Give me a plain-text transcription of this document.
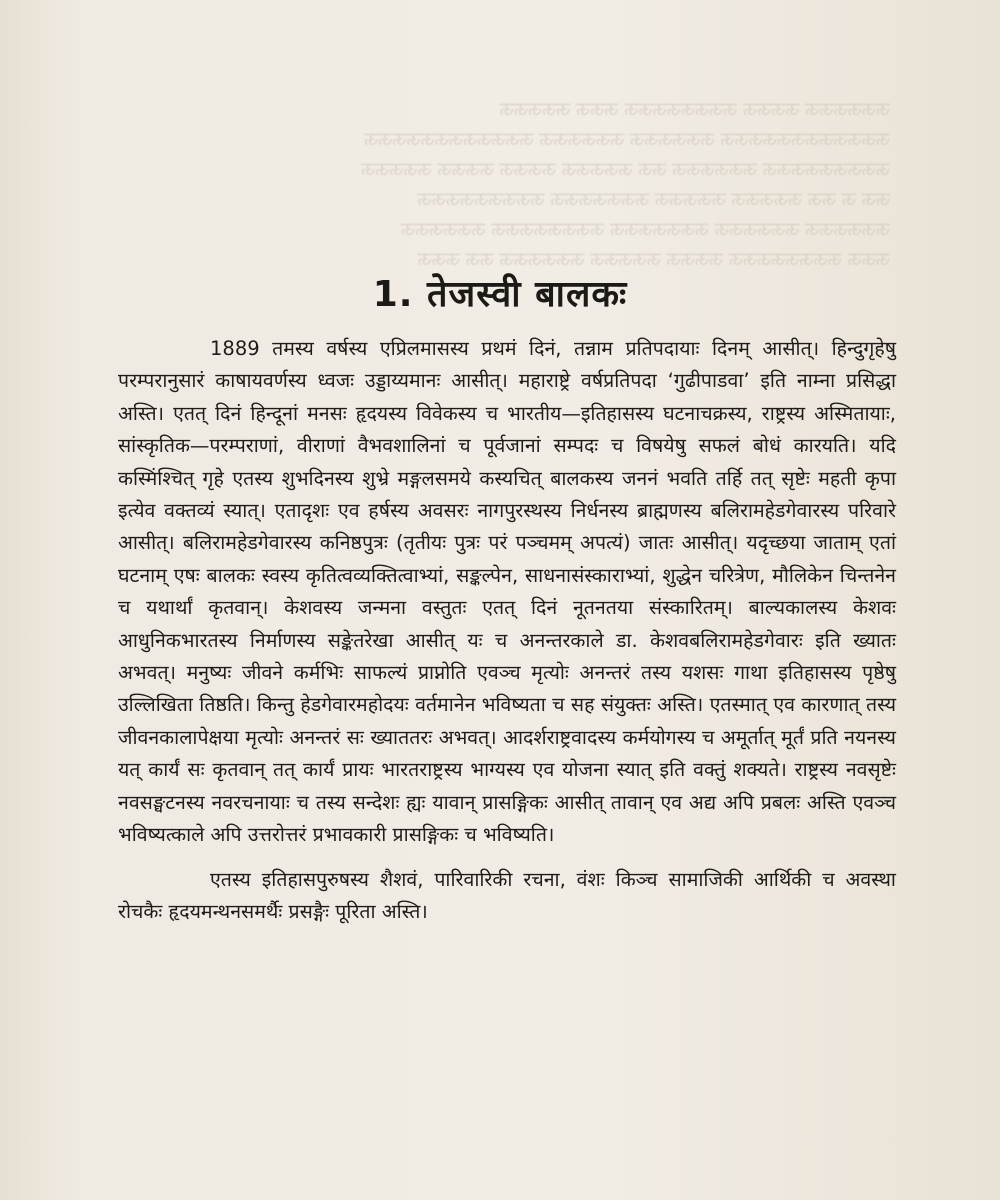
ऊऊऊऊऊऊ ऊऊऊऊ ऊऊऊऊऊऊऊऊ ऊऊऊ ऊऊऊऊऊ
ऊऊऊऊऊऊऊऊऊऊऊऊ ऊऊऊऊऊऊ ऊऊऊऊऊऊ ऊऊऊऊऊऊऊऊऊऊऊऊ
ऊऊऊऊऊऊऊऊऊ ऊऊऊऊऊऊ ऊऊ ऊऊऊऊऊ ऊऊऊऊ ऊऊऊऊ ऊऊऊऊऊ
ऊऊ ऊ ऊऊ ऊऊऊऊऊ ऊऊऊऊऊ ऊऊऊऊऊऊऊ ऊऊऊऊऊऊऊऊऊ
ऊऊऊऊऊऊ ऊऊऊऊऊऊ ऊऊऊऊऊऊऊ ऊऊऊऊऊऊऊऊ ऊऊऊऊऊऊ
ऊऊऊ ऊऊऊऊऊऊऊऊ ऊऊऊऊ ऊऊऊऊऊ ऊऊऊऊऊऊ ऊऊ ऊऊऊ
1. तेजस्वी बालकः

1889 तमस्य वर्षस्य एप्रिलमासस्य प्रथमं दिनं, तन्नाम प्रतिपदायाः दिनम् आसीत्। हिन्दुगृहेषु परम्परानुसारं काषायवर्णस्य ध्वजः उड्डाय्यमानः आसीत्। महाराष्ट्रे वर्षप्रतिपदा ‘गुढीपाडवा’ इति नाम्ना प्रसिद्धा अस्ति। एतत् दिनं हिन्दूनां मनसः हृदयस्य विवेकस्य च भारतीय—इतिहासस्य घटनाचक्रस्य, राष्ट्रस्य अस्मितायाः, सांस्कृतिक—परम्पराणां, वीराणां वैभवशालिनां च पूर्वजानां सम्पदः च विषयेषु सफलं बोधं कारयति। यदि कस्मिंश्चित् गृहे एतस्य शुभदिनस्य शुभ्रे मङ्गलसमये कस्यचित् बालकस्य जननं भवति तर्हि तत् सृष्टेः महती कृपा इत्येव वक्तव्यं स्यात्। एतादृशः एव हर्षस्य अवसरः नागपुरस्थस्य निर्धनस्य ब्राह्मणस्य बलिरामहेडगेवारस्य परिवारे आसीत्। बलिरामहेडगेवारस्य कनिष्ठपुत्रः (तृतीयः पुत्रः परं पञ्चमम् अपत्यं) जातः आसीत्। यदृच्छया जाताम् एतां घटनाम् एषः बालकः स्वस्य कृतित्वव्यक्तित्वाभ्यां, सङ्कल्पेन, साधनासंस्काराभ्यां, शुद्धेन चरित्रेण, मौलिकेन चिन्तनेन च यथार्थां कृतवान्। केशवस्य जन्मना वस्तुतः एतत् दिनं नूतनतया संस्कारितम्। बाल्यकालस्य केशवः आधुनिकभारतस्य निर्माणस्य सङ्केतरेखा आसीत् यः च अनन्तरकाले डा. केशवबलिरामहेडगेवारः इति ख्यातः अभवत्। मनुष्यः जीवने कर्मभिः साफल्यं प्राप्नोति एवञ्च मृत्योः अनन्तरं तस्य यशसः गाथा इतिहासस्य पृष्ठेषु उल्लिखिता तिष्ठति। किन्तु हेडगेवारमहोदयः वर्तमानेन भविष्यता च सह संयुक्तः अस्ति। एतस्मात् एव कारणात् तस्य जीवनकालापेक्षया मृत्योः अनन्तरं सः ख्याततरः अभवत्। आदर्शराष्ट्रवादस्य कर्मयोगस्य च अमूर्तात् मूर्तं प्रति नयनस्य यत् कार्यं सः कृतवान् तत् कार्यं प्रायः भारतराष्ट्रस्य भाग्यस्य एव योजना स्यात् इति वक्तुं शक्यते। राष्ट्रस्य नवसृष्टेः नवसङ्घटनस्य नवरचनायाः च तस्य सन्देशः ह्यः यावान् प्रासङ्गिकः आसीत् तावान् एव अद्य अपि प्रबलः अस्ति एवञ्च भविष्यत्काले अपि उत्तरोत्तरं प्रभावकारी प्रासङ्गिकः च भविष्यति।

एतस्य इतिहासपुरुषस्य शैशवं, पारिवारिकी रचना, वंशः किञ्च सामाजिकी आर्थिकी च अवस्था रोचकैः हृदयमन्थनसमर्थैः प्रसङ्गैः पूरिता अस्ति।
